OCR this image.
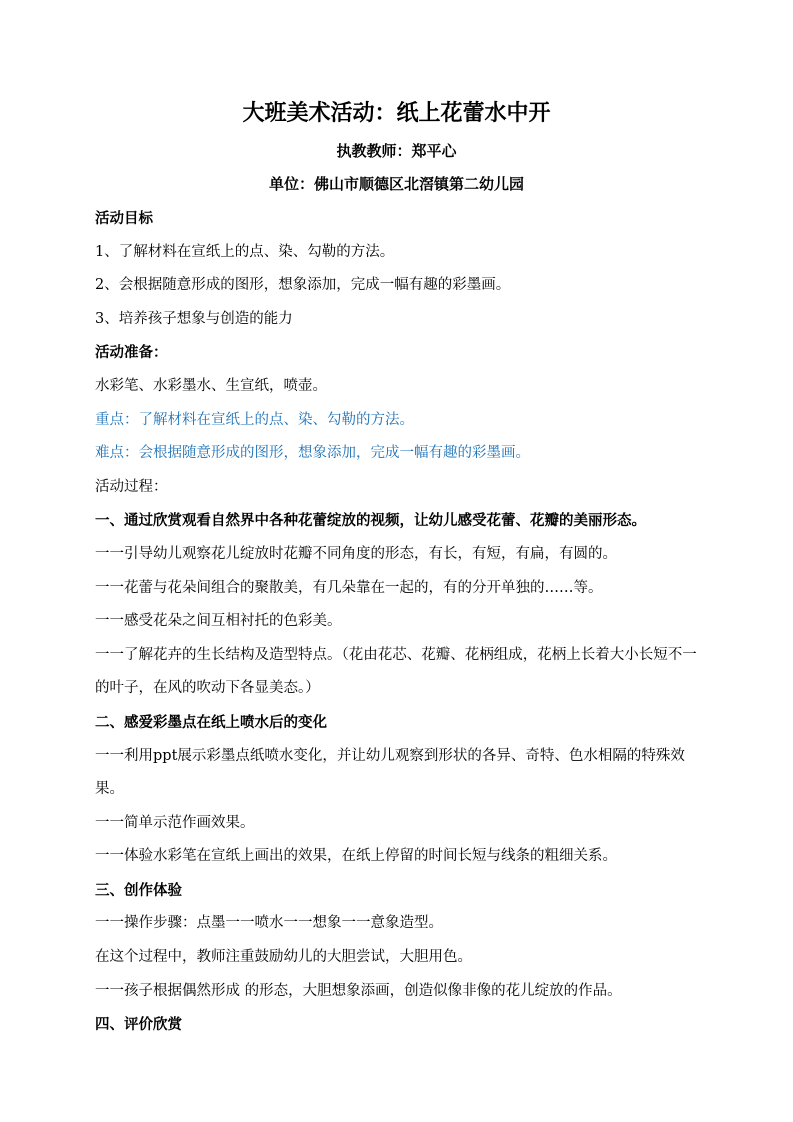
大班美术活动：纸上花蕾水中开

执教教师：郑平心

单位：佛山市顺德区北滘镇第二幼儿园

活动目标

1、了解材料在宣纸上的点、染、勾勒的方法。

2、会根据随意形成的图形，想象添加，完成一幅有趣的彩墨画。

3、培养孩子想象与创造的能力

活动准备：

水彩笔、水彩墨水、生宣纸，喷壶。

重点：了解材料在宣纸上的点、染、勾勒的方法。

难点：会根据随意形成的图形，想象添加，完成一幅有趣的彩墨画。

活动过程：

一、通过欣赏观看自然界中各种花蕾绽放的视频，让幼儿感受花蕾、花瓣的美丽形态。

一一引导幼儿观察花儿绽放时花瓣不同角度的形态，有长，有短，有扁，有圆的。

一一花蕾与花朵间组合的聚散美，有几朵靠在一起的，有的分开单独的……等。

一一感受花朵之间互相衬托的色彩美。

一一了解花卉的生长结构及造型特点。（花由花芯、花瓣、花柄组成，花柄上长着大小长短不一的叶子，在风的吹动下各显美态。）

二、感爱彩墨点在纸上喷水后的变化

一一利用ppt展示彩墨点纸喷水变化，并让幼儿观察到形状的各异、奇特、色水相隔的特殊效果。

一一简单示范作画效果。

一一体验水彩笔在宣纸上画出的效果，在纸上停留的时间长短与线条的粗细关系。

三、创作体验

一一操作步骤：点墨一一喷水一一想象一一意象造型。

在这个过程中，教师注重鼓励幼儿的大胆尝试，大胆用色。

一一孩子根据偶然形成 的形态，大胆想象添画，创造似像非像的花儿绽放的作品。

四、评价欣赏
